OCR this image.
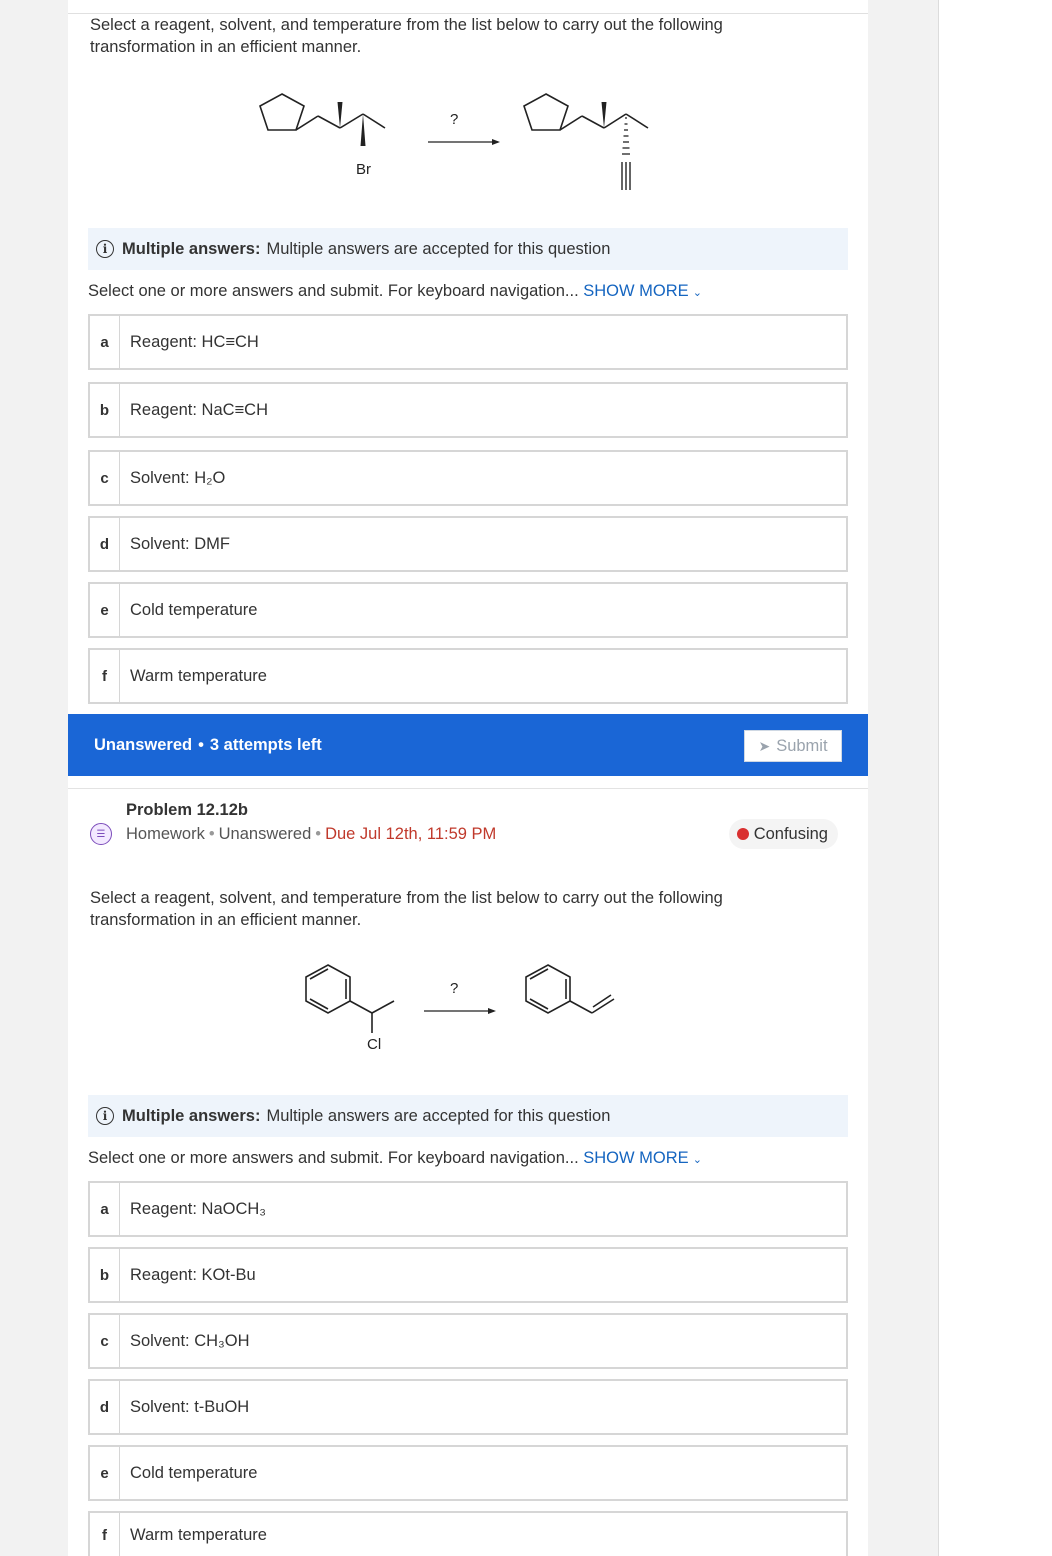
Select a reagent, solvent, and temperature from the list below to carry out the following transformation in an efficient manner.
Br
?
i Multiple answers: Multiple answers are accepted for this question
Select one or more answers and submit. For keyboard navigation... SHOW MORE ⌄
a	Reagent: HC≡CH
b	Reagent: NaC≡CH
c	Solvent: H₂O
d	Solvent: DMF
e	Cold temperature
f	Warm temperature
Unanswered • 3 attempts left	➤ Submit
☰
Problem 12.12b
Homework • Unanswered • Due Jul 12th, 11:59 PM	Confusing
Select a reagent, solvent, and temperature from the list below to carry out the following transformation in an efficient manner.
Cl
?
i Multiple answers: Multiple answers are accepted for this question
Select one or more answers and submit. For keyboard navigation... SHOW MORE ⌄
a	Reagent: NaOCH₃
b	Reagent: KOt-Bu
c	Solvent: CH₃OH
d	Solvent: t-BuOH
e	Cold temperature
f	Warm temperature
